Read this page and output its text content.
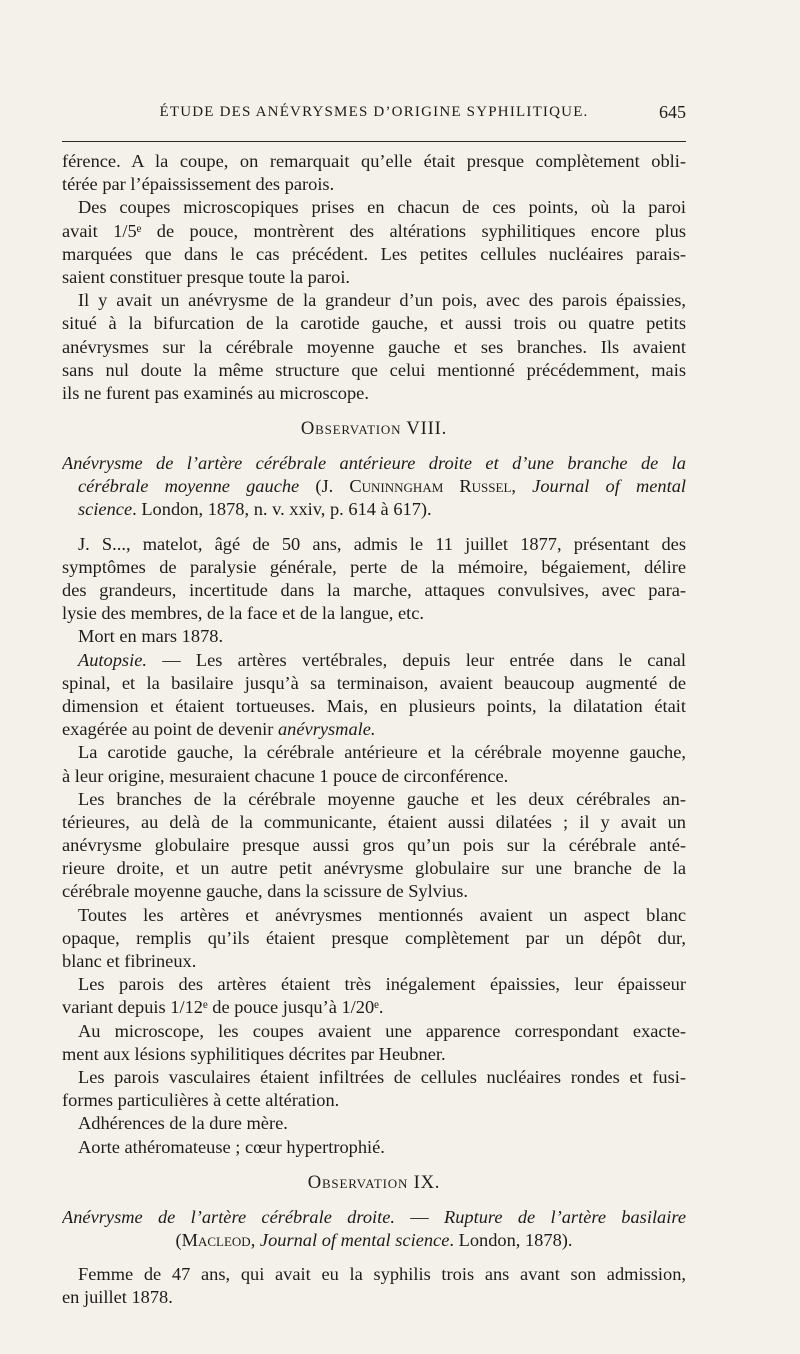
ÉTUDE DES ANÉVRYSMES D’ORIGINE SYPHILITIQUE.	645
férence. A la coupe, on remarquait qu’elle était presque complètement obli-
térée par l’épaississement des parois.
Des coupes microscopiques prises en chacun de ces points, où la paroi
avait 1/5ᵉ de pouce, montrèrent des altérations syphilitiques encore plus
marquées que dans le cas précédent. Les petites cellules nucléaires parais-
saient constituer presque toute la paroi.
Il y avait un anévrysme de la grandeur d’un pois, avec des parois épaissies,
situé à la bifurcation de la carotide gauche, et aussi trois ou quatre petits
anévrysmes sur la cérébrale moyenne gauche et ses branches. Ils avaient
sans nul doute la même structure que celui mentionné précédemment, mais
ils ne furent pas examinés au microscope.
Observation VIII.
Anévrysme de l’artère cérébrale antérieure droite et d’une branche de la
cérébrale moyenne gauche (J. Cuninngham Russel, Journal of mental
science. London, 1878, n. v. xxiv, p. 614 à 617).
J. S..., matelot, âgé de 50 ans, admis le 11 juillet 1877, présentant des
symptômes de paralysie générale, perte de la mémoire, bégaiement, délire
des grandeurs, incertitude dans la marche, attaques convulsives, avec para-
lysie des membres, de la face et de la langue, etc.
Mort en mars 1878.
Autopsie. — Les artères vertébrales, depuis leur entrée dans le canal
spinal, et la basilaire jusqu’à sa terminaison, avaient beaucoup augmenté de
dimension et étaient tortueuses. Mais, en plusieurs points, la dilatation était
exagérée au point de devenir anévrysmale.
La carotide gauche, la cérébrale antérieure et la cérébrale moyenne gauche,
à leur origine, mesuraient chacune 1 pouce de circonférence.
Les branches de la cérébrale moyenne gauche et les deux cérébrales an-
térieures, au delà de la communicante, étaient aussi dilatées ; il y avait un
anévrysme globulaire presque aussi gros qu’un pois sur la cérébrale anté-
rieure droite, et un autre petit anévrysme globulaire sur une branche de la
cérébrale moyenne gauche, dans la scissure de Sylvius.
Toutes les artères et anévrysmes mentionnés avaient un aspect blanc
opaque, remplis qu’ils étaient presque complètement par un dépôt dur,
blanc et fibrineux.
Les parois des artères étaient très inégalement épaissies, leur épaisseur
variant depuis 1/12ᵉ de pouce jusqu’à 1/20ᵉ.
Au microscope, les coupes avaient une apparence correspondant exacte-
ment aux lésions syphilitiques décrites par Heubner.
Les parois vasculaires étaient infiltrées de cellules nucléaires rondes et fusi-
formes particulières à cette altération.
Adhérences de la dure mère.
Aorte athéromateuse ; cœur hypertrophié.
Observation IX.
Anévrysme de l’artère cérébrale droite. — Rupture de l’artère basilaire
(Macleod, Journal of mental science. London, 1878).
Femme de 47 ans, qui avait eu la syphilis trois ans avant son admission,
en juillet 1878.
